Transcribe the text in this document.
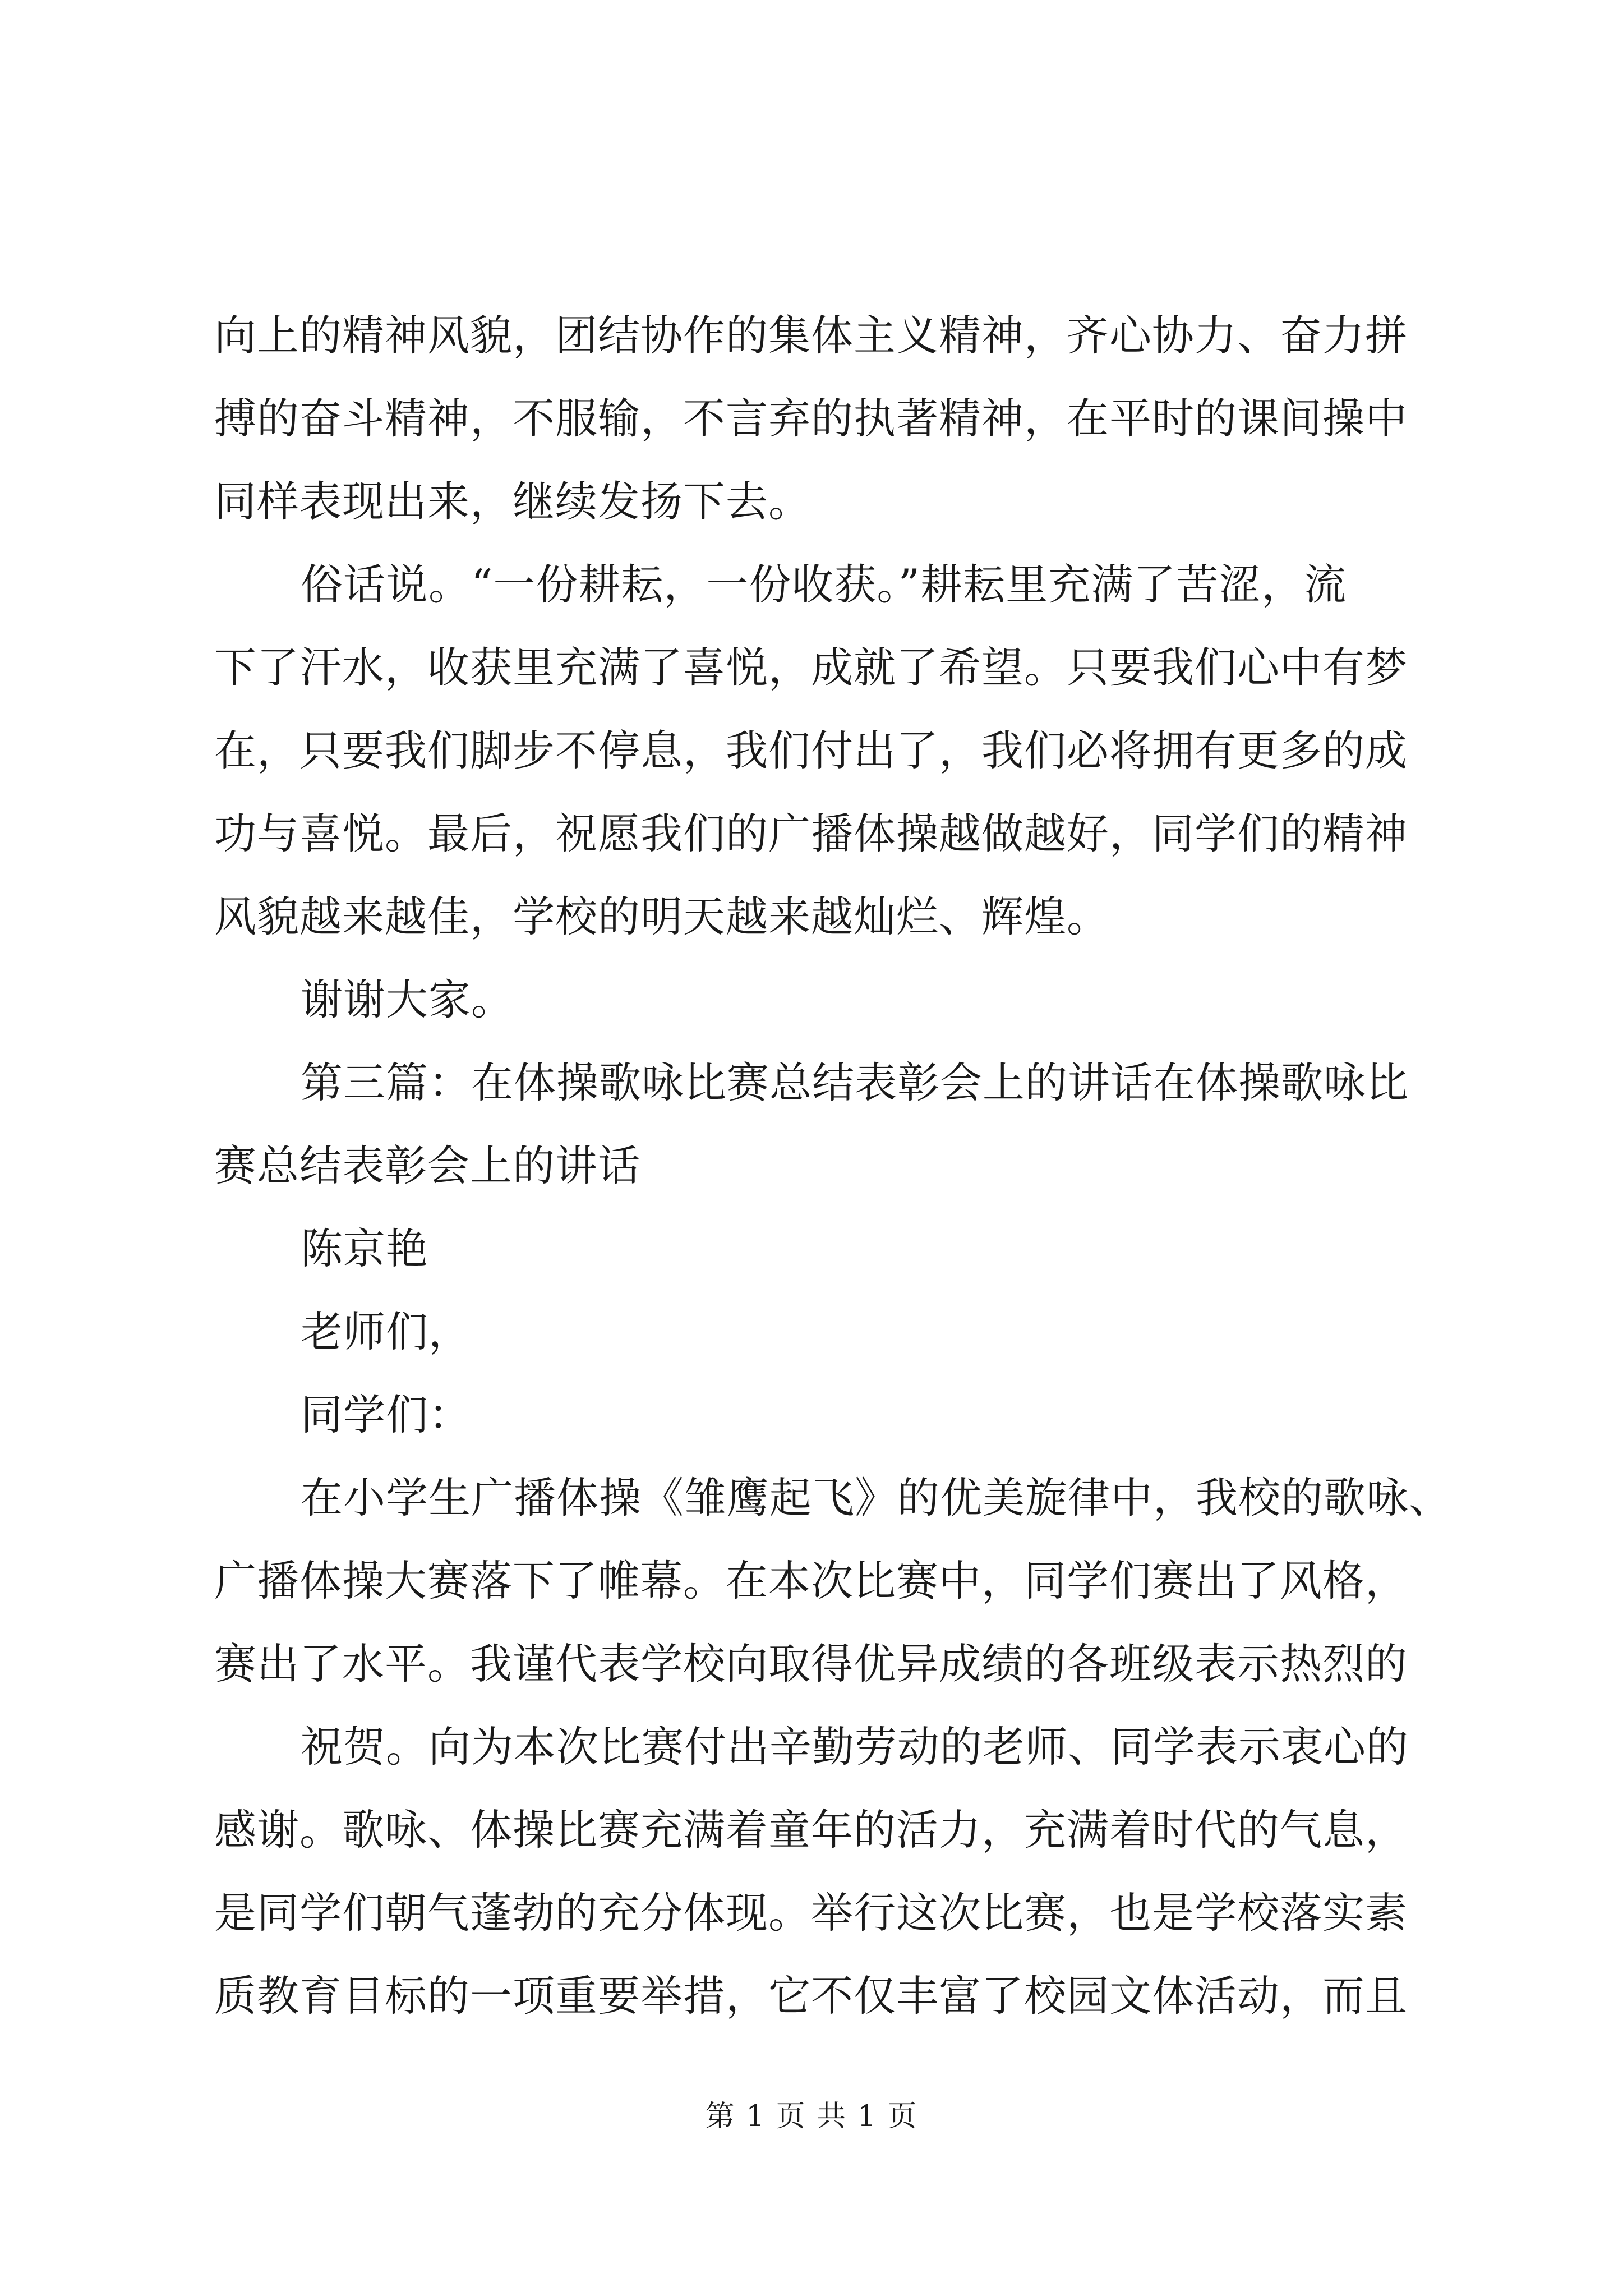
向上的精神风貌，团结协作的集体主义精神，齐心协力、奋力拼
搏的奋斗精神，不服输，不言弃的执著精神，在平时的课间操中
同样表现出来，继续发扬下去。
俗话说。“一份耕耘，一份收获。”耕耘里充满了苦涩，流
下了汗水，收获里充满了喜悦，成就了希望。只要我们心中有梦
在，只要我们脚步不停息，我们付出了，我们必将拥有更多的成
功与喜悦。最后，祝愿我们的广播体操越做越好，同学们的精神
风貌越来越佳，学校的明天越来越灿烂、辉煌。
谢谢大家。
第三篇：在体操歌咏比赛总结表彰会上的讲话在体操歌咏比
赛总结表彰会上的讲话
陈京艳
老师们，
同学们：
在小学生广播体操《雏鹰起飞》的优美旋律中，我校的歌咏、
广播体操大赛落下了帷幕。在本次比赛中，同学们赛出了风格，
赛出了水平。我谨代表学校向取得优异成绩的各班级表示热烈的
祝贺。向为本次比赛付出辛勤劳动的老师、同学表示衷心的
感谢。歌咏、体操比赛充满着童年的活力，充满着时代的气息，
是同学们朝气蓬勃的充分体现。举行这次比赛，也是学校落实素
质教育目标的一项重要举措，它不仅丰富了校园文体活动，而且
第 1 页 共 1 页
